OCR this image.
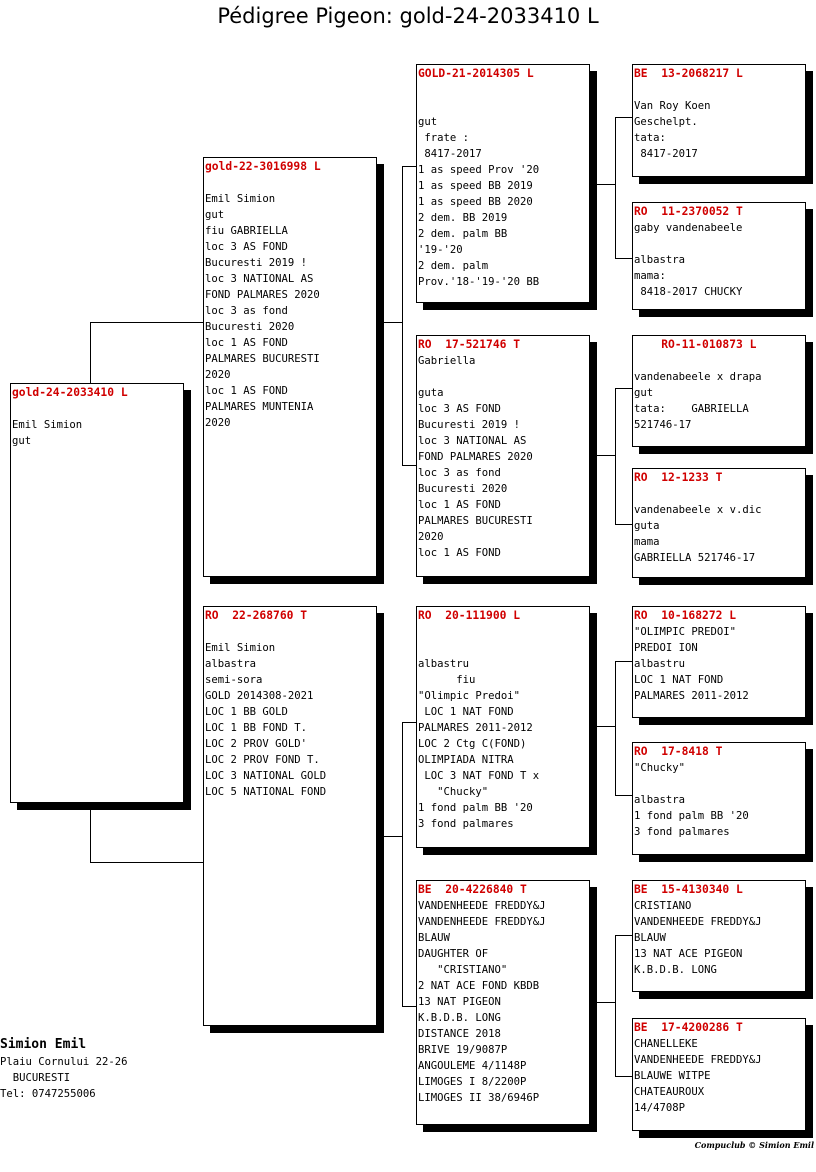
Pédigree Pigeon: gold-24-2033410 L
gold-24-2033410 L

Emil Simion
gut
gold-22-3016998 L

Emil Simion
gut
fiu GABRIELLA
loc 3 AS FOND
Bucuresti 2019 !
loc 3 NATIONAL AS
FOND PALMARES 2020
loc 3 as fond
Bucuresti 2020
loc 1 AS FOND
PALMARES BUCURESTI
2020
loc 1 AS FOND
PALMARES MUNTENIA
2020
RO  22-268760 T

Emil Simion
albastra
semi-sora
GOLD 2014308-2021
LOC 1 BB GOLD
LOC 1 BB FOND T.
LOC 2 PROV GOLD'
LOC 2 PROV FOND T.
LOC 3 NATIONAL GOLD
LOC 5 NATIONAL FOND
GOLD-21-2014305 L

gut
frate :
8417-2017
1 as speed Prov '20
1 as speed BB 2019
1 as speed BB 2020
2 dem. BB 2019
2 dem. palm BB
'19-'20
2 dem. palm
Prov.'18-'19-'20 BB
RO  17-521746 T
Gabriella

guta
loc 3 AS FOND
Bucuresti 2019 !
loc 3 NATIONAL AS
FOND PALMARES 2020
loc 3 as fond
Bucuresti 2020
loc 1 AS FOND
PALMARES BUCURESTI
2020
loc 1 AS FOND
RO  20-111900 L

albastru
fiu
"Olimpic Predoi"
LOC 1 NAT FOND
PALMARES 2011-2012
LOC 2 Ctg C(FOND)
OLIMPIADA NITRA
LOC 3 NAT FOND T x
"Chucky"
1 fond palm BB '20
3 fond palmares
BE  20-4226840 T
VANDENHEEDE FREDDY&J
VANDENHEEDE FREDDY&J
BLAUW
DAUGHTER OF
"CRISTIANO"
2 NAT ACE FOND KBDB
13 NAT PIGEON
K.B.D.B. LONG
DISTANCE 2018
BRIVE 19/9087P
ANGOULEME 4/1148P
LIMOGES I 8/2200P
LIMOGES II 38/6946P
BE  13-2068217 L

Van Roy Koen
Geschelpt.
tata:
8417-2017
RO  11-2370052 T
gaby vandenabeele

albastra
mama:
8418-2017 CHUCKY
RO-11-010873 L

vandenabeele x drapa
gut
tata:    GABRIELLA
521746-17
RO  12-1233 T

vandenabeele x v.dic
guta
mama
GABRIELLA 521746-17
RO  10-168272 L
"OLIMPIC PREDOI"
PREDOI ION
albastru
LOC 1 NAT FOND
PALMARES 2011-2012
RO  17-8418 T
"Chucky"

albastra
1 fond palm BB '20
3 fond palmares
BE  15-4130340 L
CRISTIANO
VANDENHEEDE FREDDY&J
BLAUW
13 NAT ACE PIGEON
K.B.D.B. LONG
BE  17-4200286 T
CHANELLEKE
VANDENHEEDE FREDDY&J
BLAUWE WITPE
CHATEAUROUX
14/4708P
Simion Emil
Plaiu Cornului 22-26
BUCURESTI
Tel: 0747255006
Compuclub © Simion Emil
